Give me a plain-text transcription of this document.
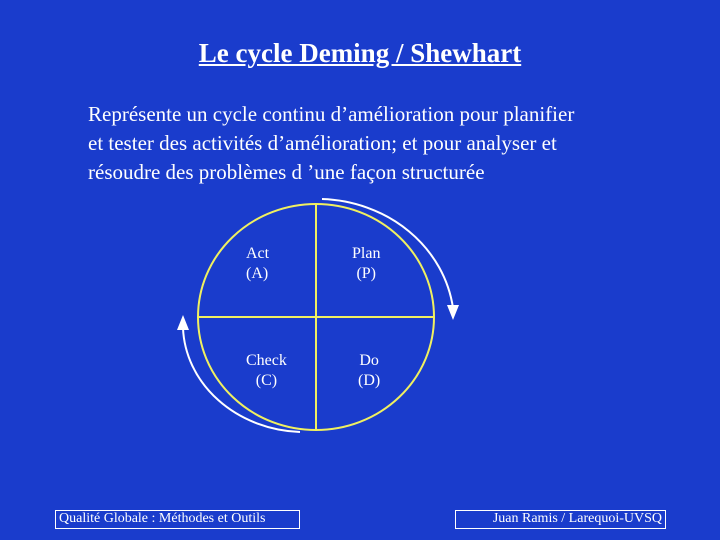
Le cycle Deming / Shewhart
Représente un cycle continu d’amélioration pour planifier
et tester des activités d’amélioration; et pour analyser et
résoudre des problèmes d ’une façon structurée
Act
(A)
Plan
(P)
Check
(C)
Do
(D)
Qualité Globale : Méthodes et Outils	Juan Ramis / Larequoi-UVSQ
